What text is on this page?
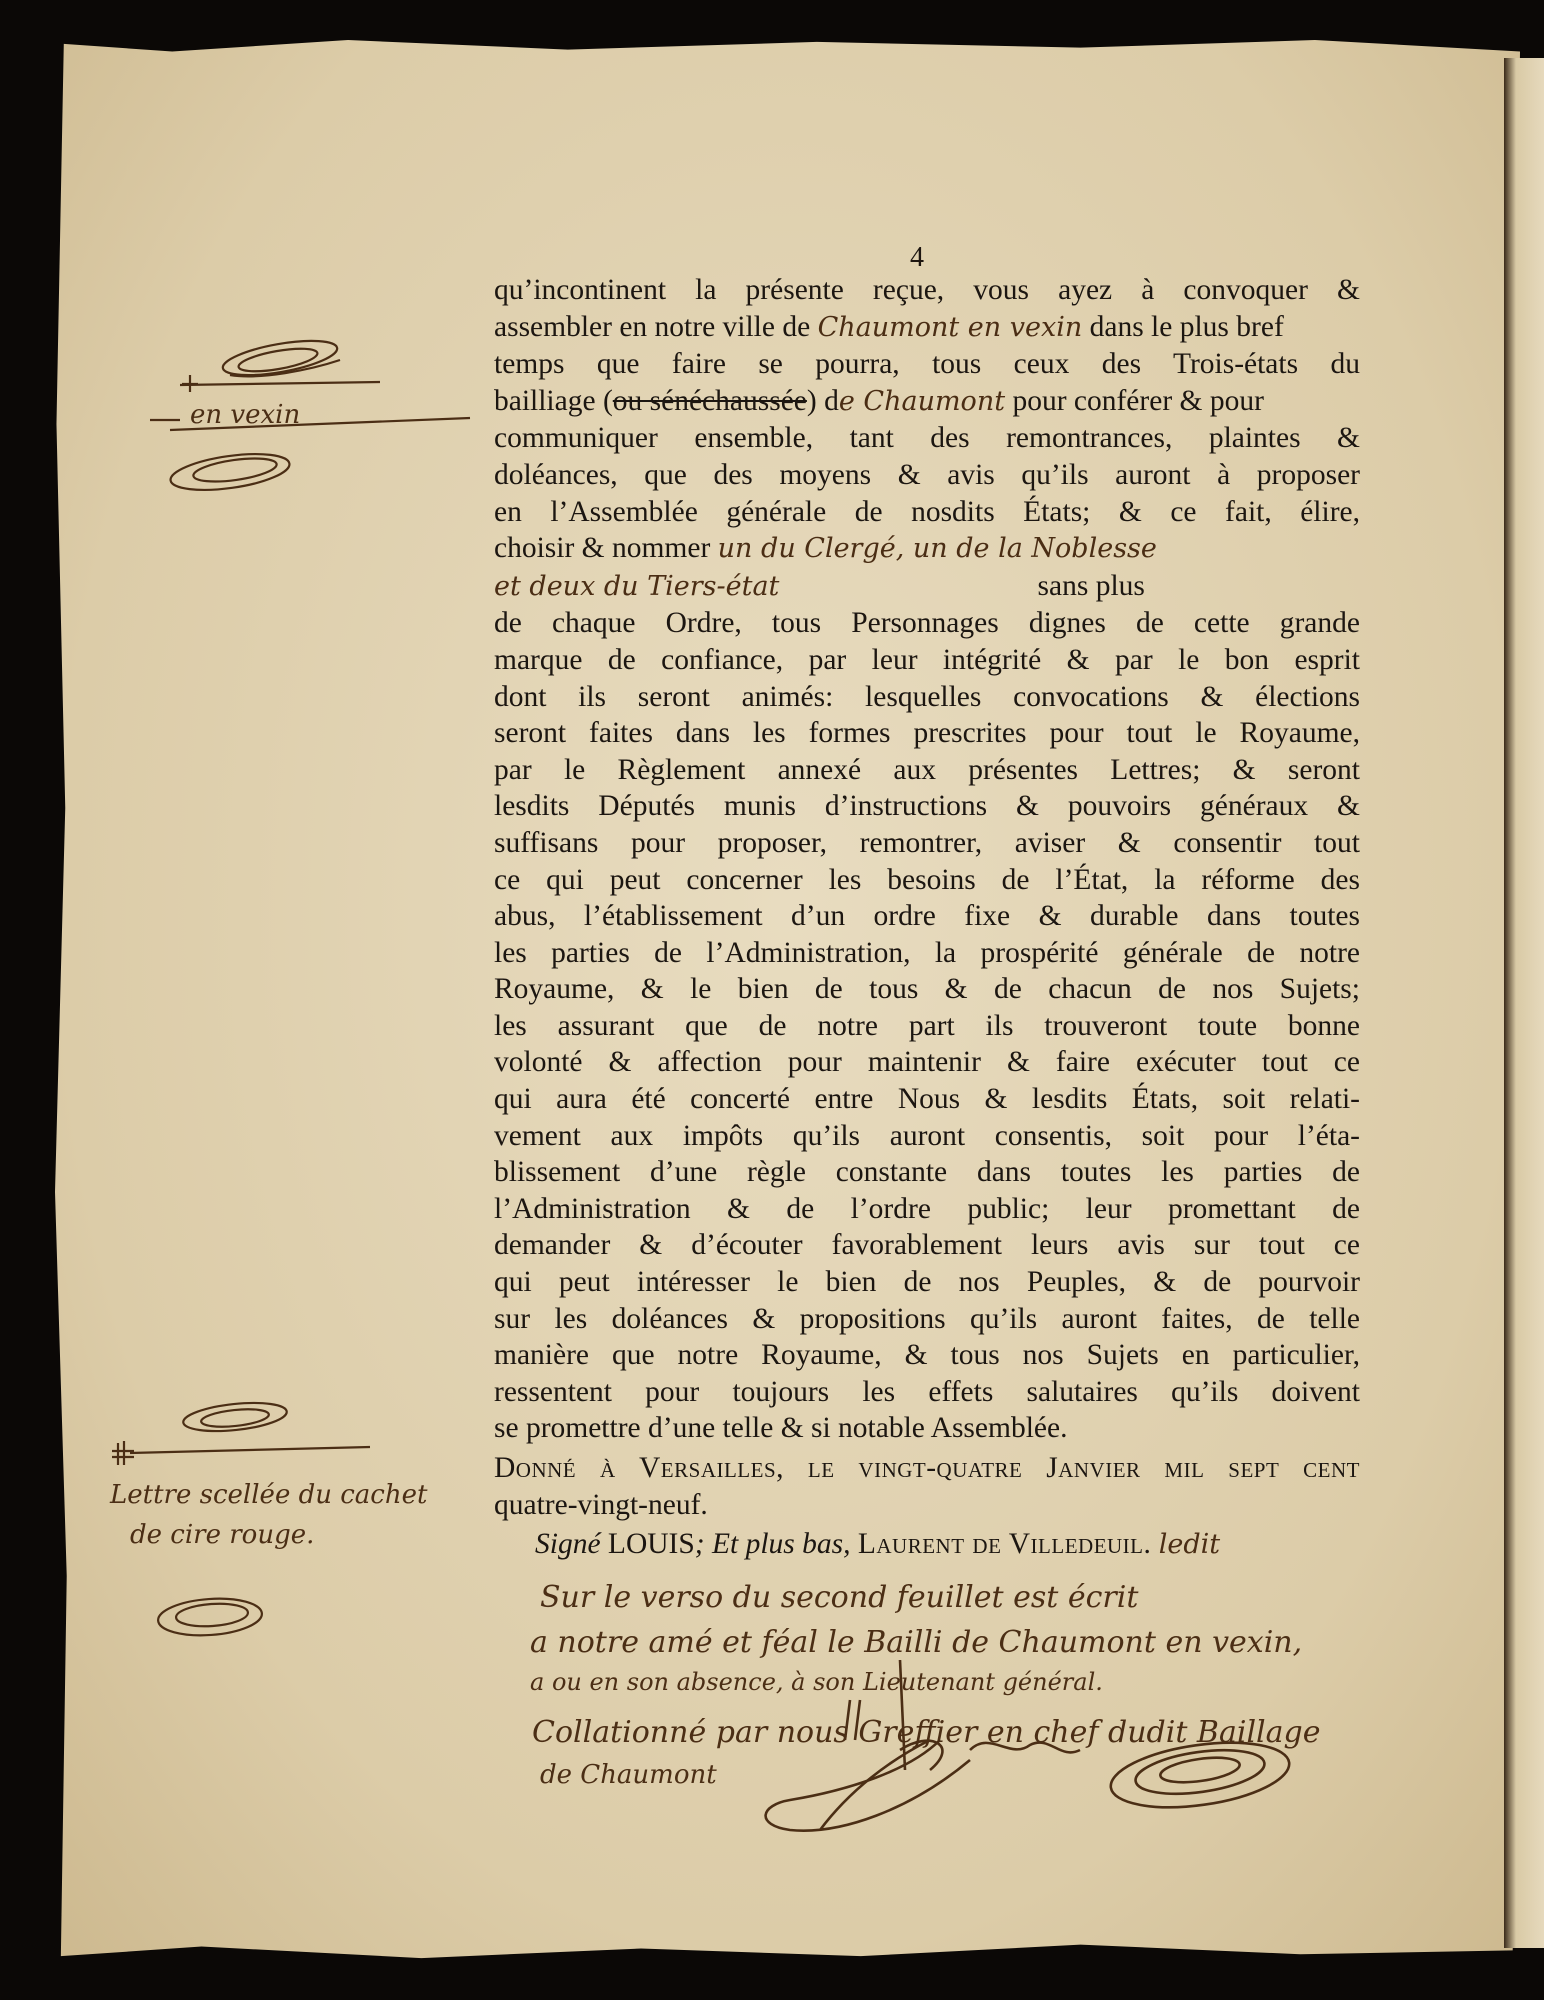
4
qu’incontinent la présente reçue, vous ayez à convoquer &
assembler en notre ville de Chaumont en vexin dans le plus bref
temps que faire se pourra, tous ceux des Trois-états du
bailliage (ou sénéchaussée) de Chaumont pour conférer & pour
communiquer ensemble, tant des remontrances, plaintes &
doléances, que des moyens & avis qu’ils auront à proposer
en l’Assemblée générale de nosdits États; & ce fait, élire,
choisir & nommer un du Clergé, un de la Noblesse
et deux du Tiers-état                                   sans plus
de chaque Ordre, tous Personnages dignes de cette grande
marque de confiance, par leur intégrité & par le bon esprit
dont ils seront animés: lesquelles convocations & élections
seront faites dans les formes prescrites pour tout le Royaume,
par le Règlement annexé aux présentes Lettres; & seront
lesdits Députés munis d’instructions & pouvoirs généraux &
suffisans pour proposer, remontrer, aviser & consentir tout
ce qui peut concerner les besoins de l’État, la réforme des
abus, l’établissement d’un ordre fixe & durable dans toutes
les parties de l’Administration, la prospérité générale de notre
Royaume, & le bien de tous & de chacun de nos Sujets;
les assurant que de notre part ils trouveront toute bonne
volonté & affection pour maintenir & faire exécuter tout ce
qui aura été concerté entre Nous & lesdits États, soit relati-
vement aux impôts qu’ils auront consentis, soit pour l’éta-
blissement d’une règle constante dans toutes les parties de
l’Administration & de l’ordre public; leur promettant de
demander & d’écouter favorablement leurs avis sur tout ce
qui peut intéresser le bien de nos Peuples, & de pourvoir
sur les doléances & propositions qu’ils auront faites, de telle
manière que notre Royaume, & tous nos Sujets en particulier,
ressentent pour toujours les effets salutaires qu’ils doivent
se promettre d’une telle & si notable Assemblée.
Donné à Versailles, le vingt-quatre Janvier mil sept cent
quatre-vingt-neuf.
Signé LOUIS; Et plus bas, Laurent de Villedeuil. ledit
Sur le verso du second feuillet est écrit
a notre amé et féal le Bailli de Chaumont en vexin,
a ou en son absence, à son Lieutenant général.
Collationné par nous Greffier en chef dudit Baillage
de Chaumont
en vexin
Lettre scellée du cachet
de cire rouge.
